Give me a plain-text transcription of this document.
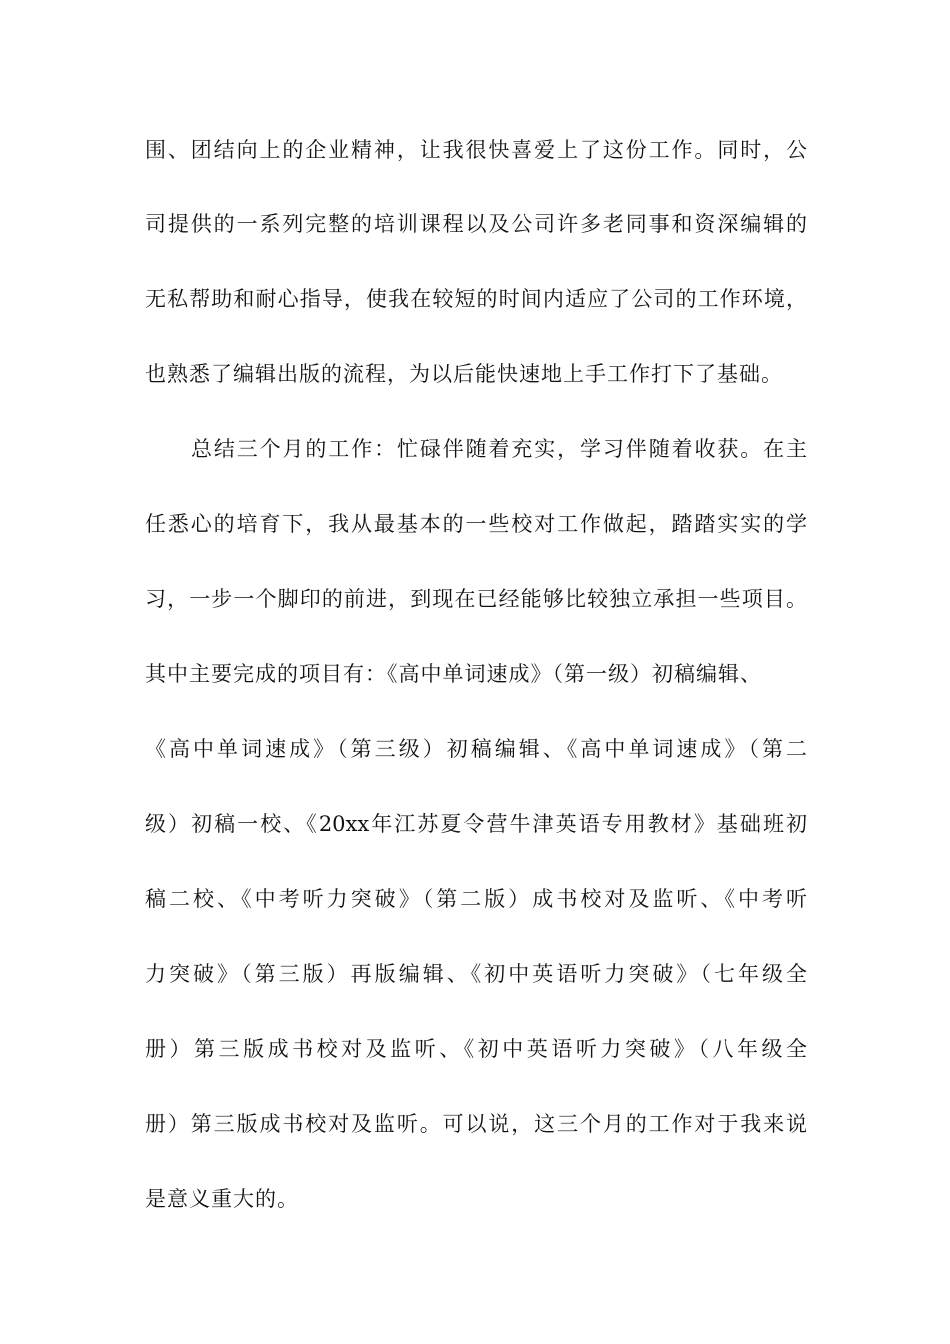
围、团结向上的企业精神，让我很快喜爱上了这份工作。同时，公
司提供的一系列完整的培训课程以及公司许多老同事和资深编辑的
无私帮助和耐心指导，使我在较短的时间内适应了公司的工作环境，
也熟悉了编辑出版的流程，为以后能快速地上手工作打下了基础。
总结三个月的工作：忙碌伴随着充实，学习伴随着收获。在主
任悉心的培育下，我从最基本的一些校对工作做起，踏踏实实的学
习，一步一个脚印的前进，到现在已经能够比较独立承担一些项目。
其中主要完成的项目有：《高中单词速成》（第一级）初稿编辑、
《高中单词速成》（第三级）初稿编辑、《高中单词速成》（第二
级）初稿一校、《20xx年江苏夏令营牛津英语专用教材》基础班初
稿二校、《中考听力突破》（第二版）成书校对及监听、《中考听
力突破》（第三版）再版编辑、《初中英语听力突破》（七年级全
册）第三版成书校对及监听、《初中英语听力突破》（八年级全
册）第三版成书校对及监听。可以说，这三个月的工作对于我来说
是意义重大的。
